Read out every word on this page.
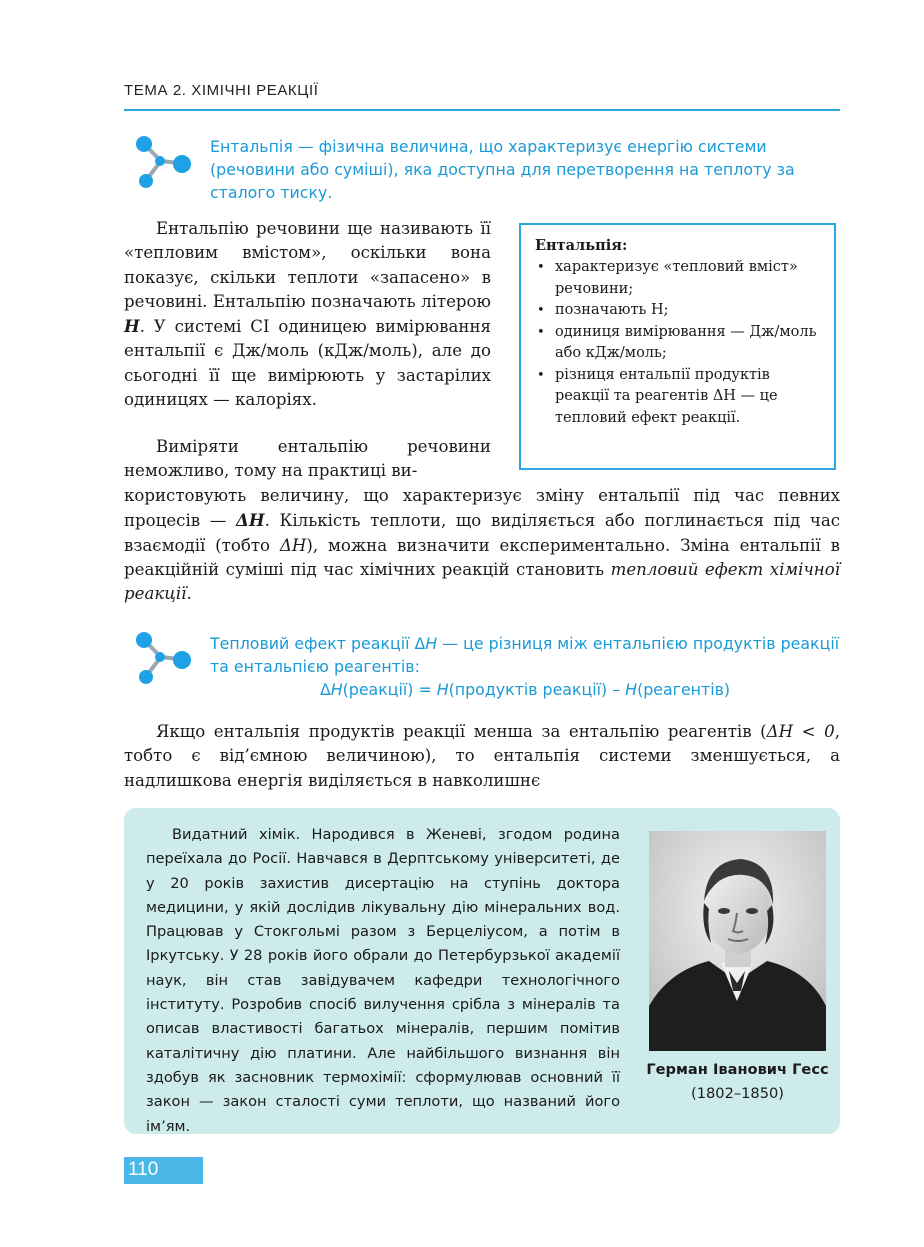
ТЕМА 2. ХІМІЧНІ РЕАКЦІЇ

Ентальпія — фізична величина, що характеризує енергію системи (речовини або суміші), яка доступна для перетворення на теплоту за сталого тиску.

Ентальпію речовини ще називають її «тепловим вмістом», оскільки вона показує, скільки теплоти «запасено» в речовині. Ентальпію позначають літерою H. У системі СІ одиницею вимірювання ентальпії є Дж/моль (кДж/моль), але до сьогодні її ще вимірюють у застарілих одиницях — калоріях.

Виміряти ентальпію речовини неможливо, тому на практиці ви-

користовують величину, що характеризує зміну ентальпії під час певних процесів — ΔH. Кількість теплоти, що виділяється або поглинається під час взаємодії (тобто ΔH), можна визначити експериментально. Зміна ентальпії в реакційній суміші під час хімічних реакцій становить тепловий ефект хімічної реакції.

Ентальпія:
• характеризує «тепловий вміст» речовини;
• позначають H;
• одиниця вимірювання — Дж/моль або кДж/моль;
• різниця ентальпії продуктів реакції та реагентів ΔH — це тепловий ефект реакції.

Тепловий ефект реакції ΔH — це різниця між ентальпією продуктів реакції та ентальпією реагентів:

ΔH(реакції) = H(продуктів реакції) – H(реагентів)

Якщо ентальпія продуктів реакції менша за ентальпію реагентів (ΔH < 0, тобто є від’ємною величиною), то ентальпія системи зменшується, а надлишкова енергія виділяється в навколишнє

Видатний хімік. Народився в Женеві, згодом родина переїхала до Росії. Навчався в Дерптському університеті, де у 20 років захистив дисертацію на ступінь доктора медицини, у якій дослідив лікувальну дію мінеральних вод. Працював у Стокгольмі разом з Берцеліусом, а потім в Іркутську. У 28 років його обрали до Петербурзької академії наук, він став завідувачем кафедри технологічного інституту. Розробив спосіб вилучення срібла з мінералів та описав властивості багатьох мінералів, першим помітив каталітичну дію платини. Але найбільшого визнання він здобув як засновник термохімії: сформулював основний її закон — закон сталості суми теплоти, що названий його ім’ям.

Герман Іванович Гесс (1802–1850)
110
